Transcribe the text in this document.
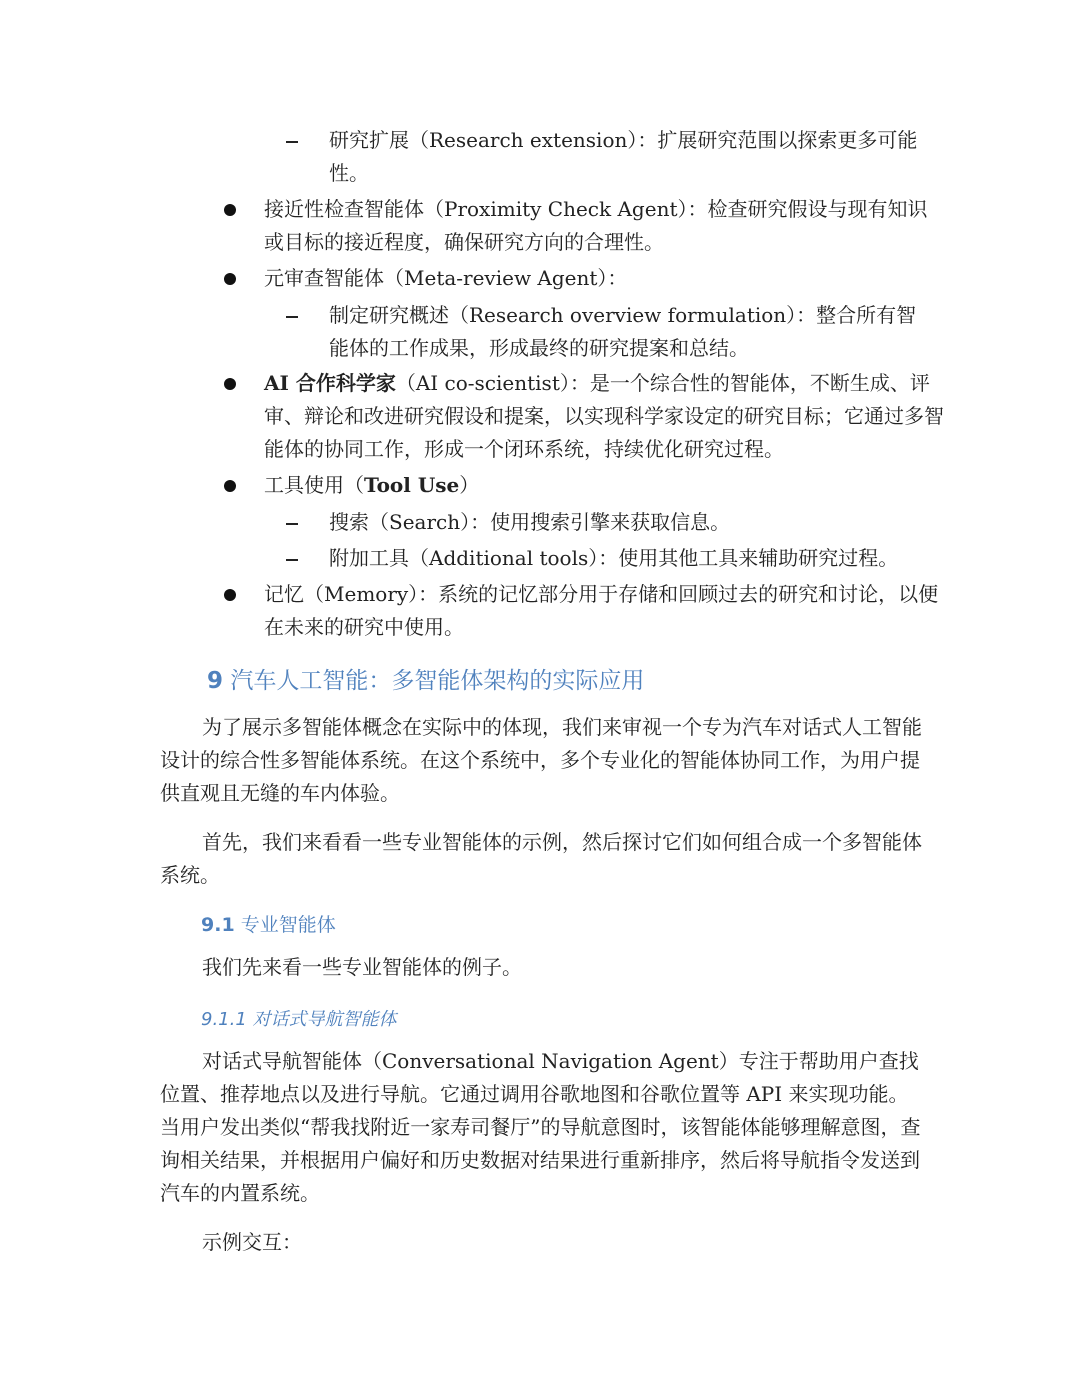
研究扩展（Research extension）：扩展研究范围以探索更多可能性。
接近性检查智能体（Proximity Check Agent）：检查研究假设与现有知识或目标的接近程度，确保研究方向的合理性。
元审查智能体（Meta-review Agent）：
制定研究概述（Research overview formulation）：整合所有智能体的工作成果，形成最终的研究提案和总结。
AI 合作科学家（AI co-scientist）：是一个综合性的智能体，不断生成、评审、辩论和改进研究假设和提案，以实现科学家设定的研究目标；它通过多智能体的协同工作，形成一个闭环系统，持续优化研究过程。
工具使用（Tool Use）
搜索（Search）：使用搜索引擎来获取信息。
附加工具（Additional tools）：使用其他工具来辅助研究过程。
记忆（Memory）：系统的记忆部分用于存储和回顾过去的研究和讨论，以便在未来的研究中使用。
9 汽车人工智能：多智能体架构的实际应用
为了展示多智能体概念在实际中的体现，我们来审视一个专为汽车对话式人工智能设计的综合性多智能体系统。在这个系统中，多个专业化的智能体协同工作，为用户提供直观且无缝的车内体验。
首先，我们来看看一些专业智能体的示例，然后探讨它们如何组合成一个多智能体系统。
9.1 专业智能体
我们先来看一些专业智能体的例子。
9.1.1 对话式导航智能体
对话式导航智能体（Conversational Navigation Agent）专注于帮助用户查找位置、推荐地点以及进行导航。它通过调用谷歌地图和谷歌位置等 API 来实现功能。当用户发出类似“帮我找附近一家寿司餐厅”的导航意图时，该智能体能够理解意图，查询相关结果，并根据用户偏好和历史数据对结果进行重新排序，然后将导航指令发送到汽车的内置系统。
示例交互：
